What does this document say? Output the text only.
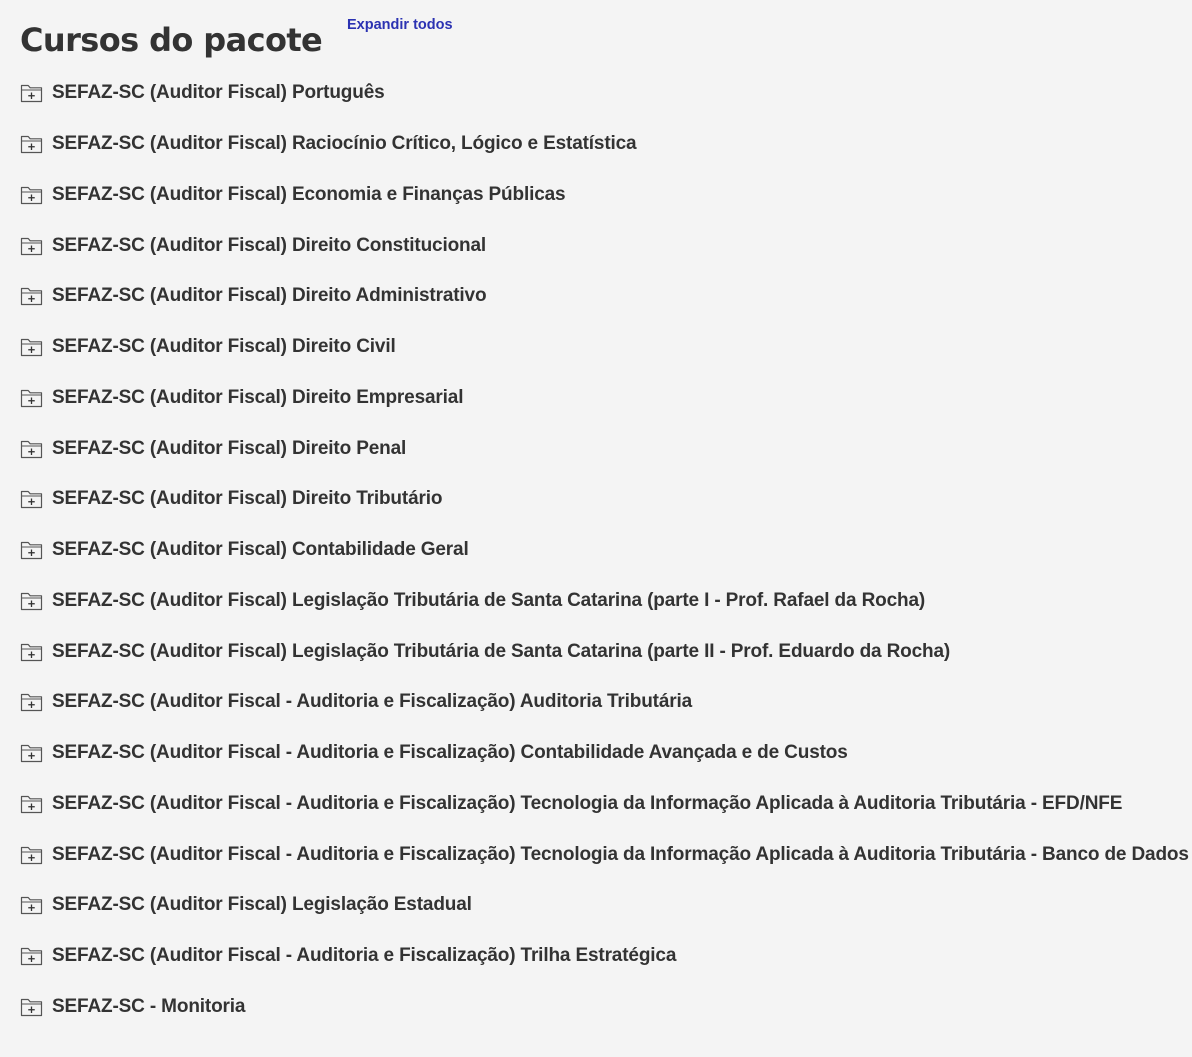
Cursos do pacote Expandir todos
SEFAZ-SC (Auditor Fiscal) Português
SEFAZ-SC (Auditor Fiscal) Raciocínio Crítico, Lógico e Estatística
SEFAZ-SC (Auditor Fiscal) Economia e Finanças Públicas
SEFAZ-SC (Auditor Fiscal) Direito Constitucional
SEFAZ-SC (Auditor Fiscal) Direito Administrativo
SEFAZ-SC (Auditor Fiscal) Direito Civil
SEFAZ-SC (Auditor Fiscal) Direito Empresarial
SEFAZ-SC (Auditor Fiscal) Direito Penal
SEFAZ-SC (Auditor Fiscal) Direito Tributário
SEFAZ-SC (Auditor Fiscal) Contabilidade Geral
SEFAZ-SC (Auditor Fiscal) Legislação Tributária de Santa Catarina (parte I - Prof. Rafael da Rocha)
SEFAZ-SC (Auditor Fiscal) Legislação Tributária de Santa Catarina (parte II - Prof. Eduardo da Rocha)
SEFAZ-SC (Auditor Fiscal - Auditoria e Fiscalização) Auditoria Tributária
SEFAZ-SC (Auditor Fiscal - Auditoria e Fiscalização) Contabilidade Avançada e de Custos
SEFAZ-SC (Auditor Fiscal - Auditoria e Fiscalização) Tecnologia da Informação Aplicada à Auditoria Tributária - EFD/NFE
SEFAZ-SC (Auditor Fiscal - Auditoria e Fiscalização) Tecnologia da Informação Aplicada à Auditoria Tributária - Banco de Dados
SEFAZ-SC (Auditor Fiscal) Legislação Estadual
SEFAZ-SC (Auditor Fiscal - Auditoria e Fiscalização) Trilha Estratégica
SEFAZ-SC - Monitoria
